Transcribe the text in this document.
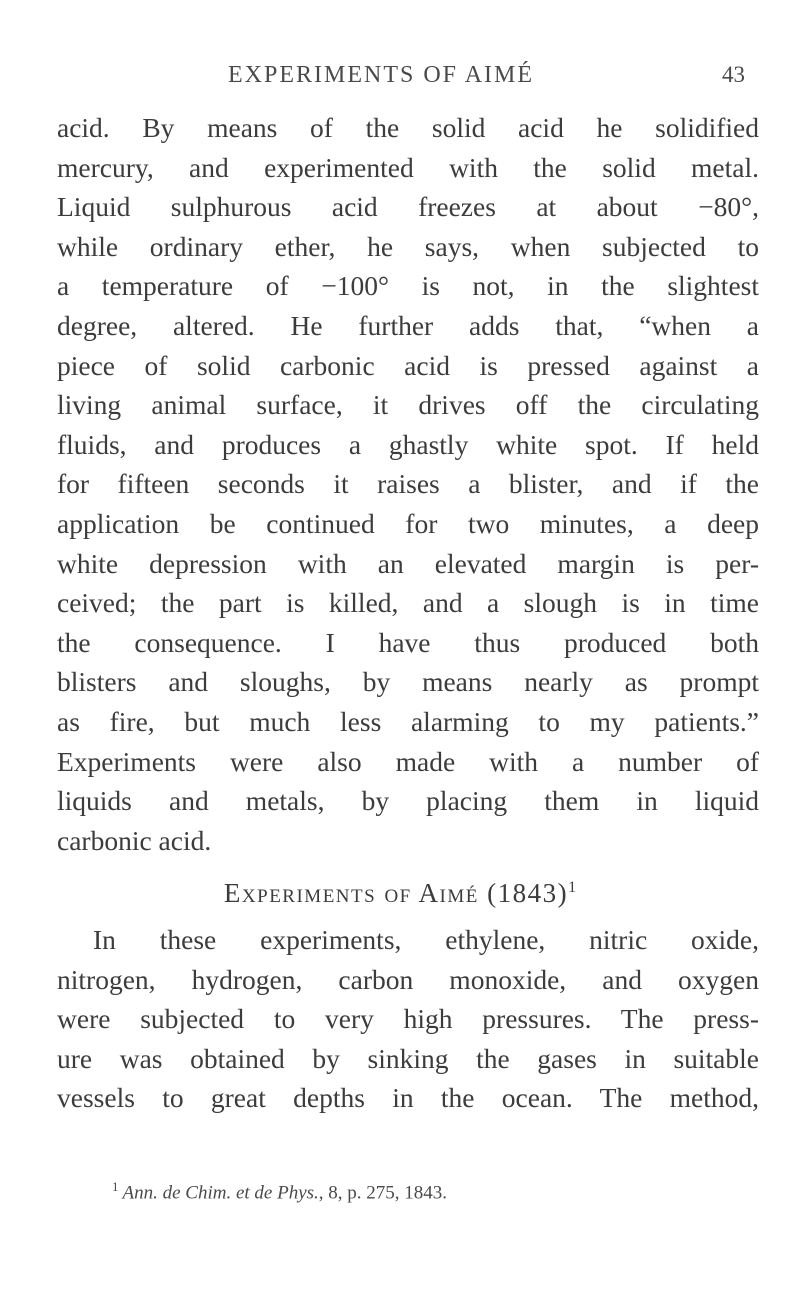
EXPERIMENTS OF AIMÉ	43
acid. By means of the solid acid he solidified
mercury, and experimented with the solid metal.
Liquid sulphurous acid freezes at about −80°,
while ordinary ether, he says, when subjected to
a temperature of −100° is not, in the slightest
degree, altered. He further adds that, “when a
piece of solid carbonic acid is pressed against a
living animal surface, it drives off the circulating
fluids, and produces a ghastly white spot. If held
for fifteen seconds it raises a blister, and if the
application be continued for two minutes, a deep
white depression with an elevated margin is per-
ceived; the part is killed, and a slough is in time
the consequence. I have thus produced both
blisters and sloughs, by means nearly as prompt
as fire, but much less alarming to my patients.”
Experiments were also made with a number of
liquids and metals, by placing them in liquid
carbonic acid.
Experiments of Aimé $(1843)^1$
In these experiments, ethylene, nitric oxide,
nitrogen, hydrogen, carbon monoxide, and oxygen
were subjected to very high pressures. The press-
ure was obtained by sinking the gases in suitable
vessels to great depths in the ocean. The method,
$^1$ Ann. de Chim. et de Phys., 8, p. 275, 1843.
